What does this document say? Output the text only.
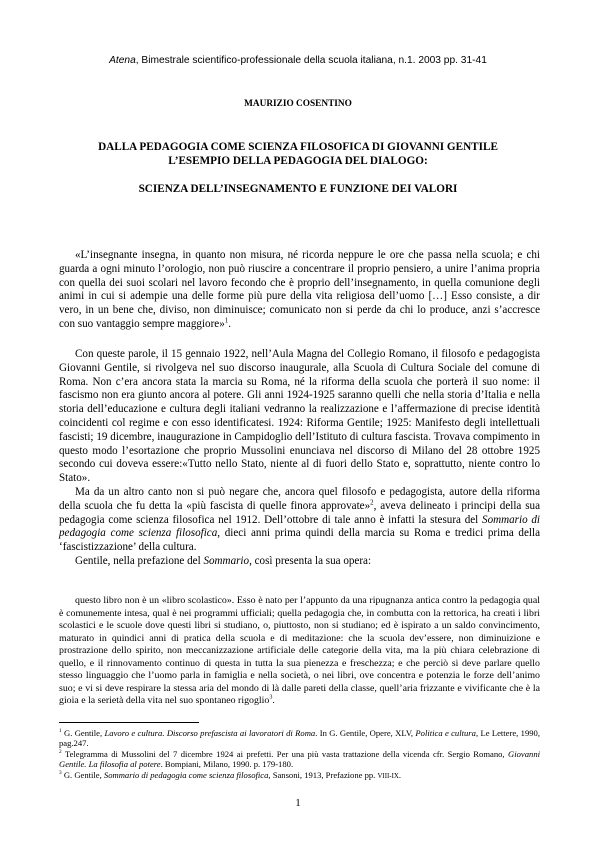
Atena, Bimestrale scientifico-professionale della scuola italiana, n.1. 2003 pp. 31-41
MAURIZIO COSENTINO

DALLA PEDAGOGIA COME SCIENZA FILOSOFICA DI GIOVANNI GENTILE

L’ESEMPIO DELLA PEDAGOGIA DEL DIALOGO:

SCIENZA DELL’INSEGNAMENTO E FUNZIONE DEI VALORI

«L’insegnante insegna, in quanto non misura, né ricorda neppure le ore che passa nella scuola; e chi guarda a ogni minuto l’orologio, non può riuscire a concentrare il proprio pensiero, a unire l’anima propria con quella dei suoi scolari nel lavoro fecondo che è proprio dell’insegnamento, in quella comunione degli animi in cui si adempie una delle forme più pure della vita religiosa dell’uomo […] Esso consiste, a dir vero, in un bene che, diviso, non diminuisce; comunicato non si perde da chi lo produce, anzi s’accresce con suo vantaggio sempre maggiore»$^1$.

Con queste parole, il 15 gennaio 1922, nell’Aula Magna del Collegio Romano, il filosofo e pedagogista Giovanni Gentile, si rivolgeva nel suo discorso inaugurale, alla Scuola di Cultura Sociale del comune di Roma. Non c’era ancora stata la marcia su Roma, né la riforma della scuola che porterà il suo nome: il fascismo non era giunto ancora al potere. Gli anni 1924-1925 saranno quelli che nella storia d’Italia e nella storia dell’educazione e cultura degli italiani vedranno la realizzazione e l’affermazione di precise identità coincidenti col regime e con esso identificatesi. 1924: Riforma Gentile; 1925: Manifesto degli intellettuali fascisti; 19 dicembre, inaugurazione in Campidoglio dell’Istituto di cultura fascista. Trovava compimento in questo modo l’esortazione che proprio Mussolini enunciava nel discorso di Milano del 28 ottobre 1925 secondo cui doveva essere:«Tutto nello Stato, niente al di fuori dello Stato e, soprattutto, niente contro lo Stato».

Ma da un altro canto non si può negare che, ancora quel filosofo e pedagogista, autore della riforma della scuola che fu detta la «più fascista di quelle finora approvate»$^2$, aveva delineato i principi della sua pedagogia come scienza filosofica nel 1912. Dell’ottobre di tale anno è infatti la stesura del Sommario di pedagogia come scienza filosofica, dieci anni prima quindi della marcia su Roma e tredici prima della ‘fascistizzazione’ della cultura.

Gentile, nella prefazione del Sommario, così presenta la sua opera:

questo libro non è un «libro scolastico». Esso è nato per l’appunto da una ripugnanza antica contro la pedagogia qual è comunemente intesa, qual è nei programmi ufficiali; quella pedagogia che, in combutta con la rettorica, ha creati i libri scolastici e le scuole dove questi libri si studiano, o, piuttosto, non si studiano; ed è ispirato a un saldo convincimento, maturato in quindici anni di pratica della scuola e di meditazione: che la scuola dev’essere, non diminuizione e prostrazione dello spirito, non meccanizzazione artificiale delle categorie della vita, ma la più chiara celebrazione di quello, e il rinnovamento continuo di questa in tutta la sua pienezza e freschezza; e che perciò si deve parlare quello stesso linguaggio che l’uomo parla in famiglia e nella società, o nei libri, ove concentra e potenzia le forze dell’animo suo; e vi si deve respirare la stessa aria del mondo di là dalle pareti della classe, quell’aria frizzante e vivificante che è la gioia e la serietà della vita nel suo spontaneo rigoglio$^3$.

$^1$ G. Gentile, Lavoro e cultura. Discorso prefascista ai lavoratori di Roma. In G. Gentile, Opere, XLV, Politica e cultura, Le Lettere, 1990, pag.247.

$^2$ Telegramma di Mussolini del 7 dicembre 1924 ai prefetti. Per una più vasta trattazione della vicenda cfr. Sergio Romano, Giovanni Gentile. La filosofia al potere. Bompiani, Milano, 1990. p. 179-180.

$^3$ G. Gentile, Sommario di pedagogia come scienza filosofica, Sansoni, 1913, Prefazione pp. VIII-IX.

1
